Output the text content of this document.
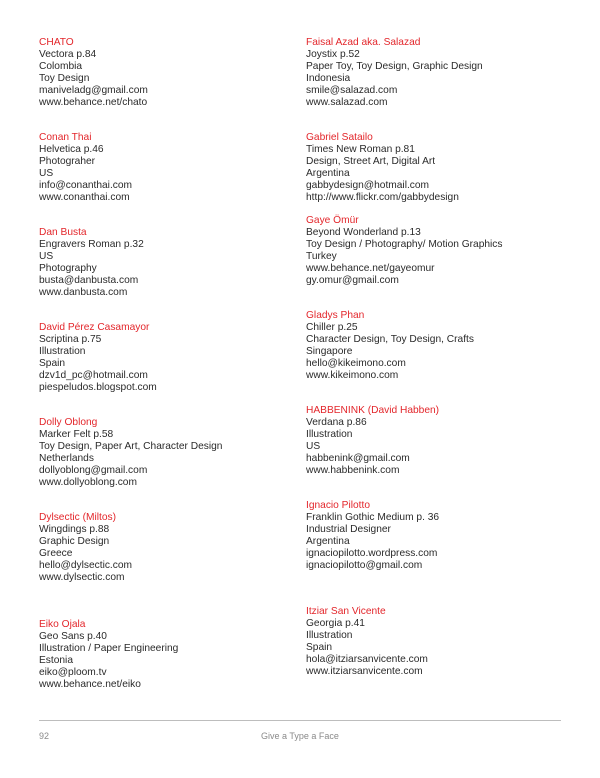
CHATO
Vectora p.84
Colombia
Toy Design
maniveladg@gmail.com
www.behance.net/chato
Conan Thai
Helvetica p.46
Photograher
US
info@conanthai.com
www.conanthai.com
Dan Busta
Engravers Roman p.32
US
Photography
busta@danbusta.com
www.danbusta.com
David Pérez Casamayor
Scriptina p.75
Illustration
Spain
dzv1d_pc@hotmail.com
piespeludos.blogspot.com
Dolly Oblong
Marker Felt p.58
Toy Design, Paper Art, Character Design
Netherlands
dollyoblong@gmail.com
www.dollyoblong.com
Dylsectic (Miltos)
Wingdings p.88
Graphic Design
Greece
hello@dylsectic.com
www.dylsectic.com
Eiko Ojala
Geo Sans p.40
Illustration / Paper Engineering
Estonia
eiko@ploom.tv
www.behance.net/eiko
Faisal Azad aka. Salazad
Joystix p.52
Paper Toy, Toy Design, Graphic Design
Indonesia
smile@salazad.com
www.salazad.com
Gabriel Satailo
Times New Roman p.81
Design, Street Art, Digital Art
Argentina
gabbydesign@hotmail.com
http://www.flickr.com/gabbydesign
Gaye Ömür
Beyond Wonderland p.13
Toy Design / Photography/ Motion Graphics
Turkey
www.behance.net/gayeomur
gy.omur@gmail.com
Gladys Phan
Chiller p.25
Character Design, Toy Design, Crafts
Singapore
hello@kikeimono.com
www.kikeimono.com
HABBENINK (David Habben)
Verdana p.86
Illustration
US
habbenink@gmail.com
www.habbenink.com
Ignacio Pilotto
Franklin Gothic Medium p. 36
Industrial Designer
Argentina
ignaciopilotto.wordpress.com
ignaciopilotto@gmail.com
Itziar San Vicente
Georgia p.41
Illustration
Spain
hola@itziarsanvicente.com
www.itziarsanvicente.com
92	Give a Type a Face
